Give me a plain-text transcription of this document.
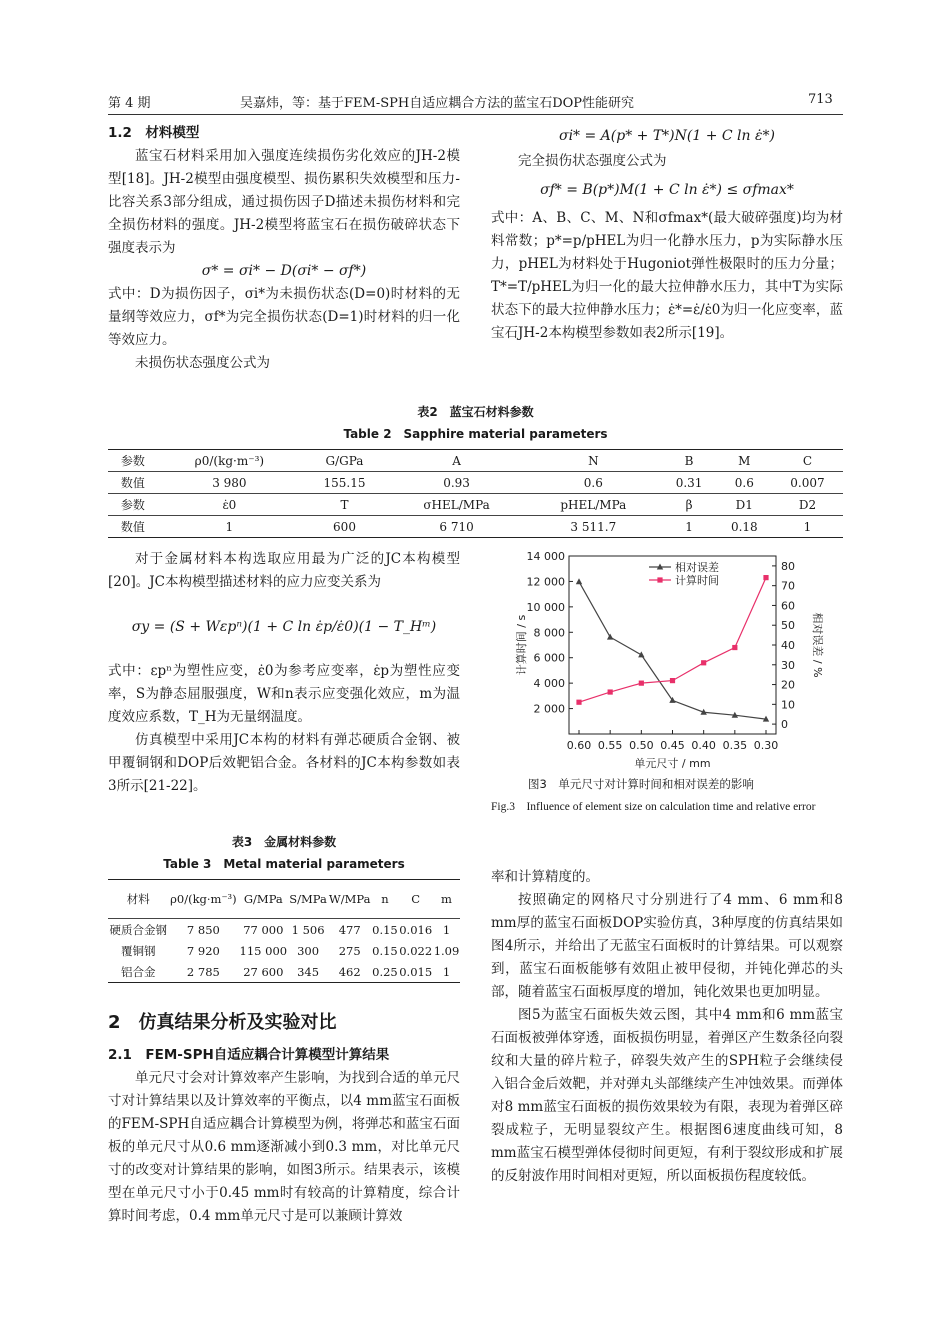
第 4 期	吴嘉炜，等：基于FEM-SPH自适应耦合方法的蓝宝石DOP性能研究	713
1.2　材料模型

蓝宝石材料采用加入强度连续损伤劣化效应的JH-2模型[18]。JH-2模型由强度模型、损伤累积失效模型和压力-比容关系3部分组成，通过损伤因子D描述未损伤材料和完全损伤材料的强度。JH-2模型将蓝宝石在损伤破碎状态下强度表示为

σ* = σi* − D(σi* − σf*)

式中：D为损伤因子，σi*为未损伤状态(D=0)时材料的无量纲等效应力，σf*为完全损伤状态(D=1)时材料的归一化等效应力。

未损伤状态强度公式为

σi* = A(p* + T*)N(1 + C ln ε̇*)

完全损伤状态强度公式为

σf* = B(p*)M(1 + C ln ε̇*) ≤ σfmax*

式中：A、B、C、M、N和σfmax*(最大破碎强度)均为材料常数；p*=p/pHEL为归一化静水压力，p为实际静水压力，pHEL为材料处于Hugoniot弹性极限时的压力分量；T*=T/pHEL为归一化的最大拉伸静水压力，其中T为实际状态下的最大拉伸静水压力；ε̇*=ε̇/ε̇0为归一化应变率，蓝宝石JH-2本构模型参数如表2所示[19]。

表2　蓝宝石材料参数
Table 2　Sapphire material parameters
参数	ρ0/(kg·m⁻³)	G/GPa	A	N	B	M	C
数值	3 980	155.15	0.93	0.6	0.31	0.6	0.007
参数	ε̇0	T	σHEL/MPa	pHEL/MPa	β	D1	D2
数值	1	600	6 710	3 511.7	1	0.18	1

对于金属材料本构选取应用最为广泛的JC本构模型[20]。JC本构模型描述材料的应力应变关系为

σy = (S + Wεpⁿ)(1 + C ln ε̇p/ε̇0)(1 − T_Hᵐ)

式中：εpⁿ为塑性应变，ε̇0为参考应变率，ε̇p为塑性应变率，S为静态屈服强度，W和n表示应变强化效应，m为温度效应系数，T_H为无量纲温度。

仿真模型中采用JC本构的材料有弹芯硬质合金钢、被甲覆铜钢和DOP后效靶铝合金。各材料的JC本构参数如表3所示[21-22]。

表3　金属材料参数
Table 3　Metal material parameters
材料	ρ0/(kg·m⁻³)	G/MPa	S/MPa	W/MPa	n	C	m
硬质合金钢	7 850	77 000	1 506	477	0.15	0.016	1
覆铜钢	7 920	115 000	300	275	0.15	0.022	1.09
铝合金	2 785	27 600	345	462	0.25	0.015	1
2　仿真结果分析及实验对比
2.1　FEM-SPH自适应耦合计算模型计算结果

单元尺寸会对计算效率产生影响，为找到合适的单元尺寸对计算结果以及计算效率的平衡点，以4 mm蓝宝石面板的FEM-SPH自适应耦合计算模型为例，将弹芯和蓝宝石面板的单元尺寸从0.6 mm逐渐减小到0.3 mm，对比单元尺寸的改变对计算结果的影响，如图3所示。结果表示，该模型在单元尺寸小于0.45 mm时有较高的计算精度，综合计算时间考虑，0.4 mm单元尺寸是可以兼顾计算效

2 000
4 000
6 000
8 000
10 000
12 000
14 000
0
10
20
30
40
50
60
70
80
0.60 0.55 0.50 0.45 0.40 0.35 0.30
单元尺寸 / mm
计算时间 / s	相对误差 / %
相对误差
计算时间
图3　单元尺寸对计算时间和相对误差的影响
Fig.3　Influence of element size on calculation time and relative error

率和计算精度的。

按照确定的网格尺寸分别进行了4 mm、6 mm和8 mm厚的蓝宝石面板DOP实验仿真，3种厚度的仿真结果如图4所示，并给出了无蓝宝石面板时的计算结果。可以观察到，蓝宝石面板能够有效阻止被甲侵彻，并钝化弹芯的头部，随着蓝宝石面板厚度的增加，钝化效果也更加明显。

图5为蓝宝石面板失效云图，其中4 mm和6 mm蓝宝石面板被弹体穿透，面板损伤明显，着弹区产生数条径向裂纹和大量的碎片粒子，碎裂失效产生的SPH粒子会继续侵入铝合金后效靶，并对弹丸头部继续产生冲蚀效果。而弹体对8 mm蓝宝石面板的损伤效果较为有限，表现为着弹区碎裂成粒子，无明显裂纹产生。根据图6速度曲线可知，8 mm蓝宝石模型弹体侵彻时间更短，有利于裂纹形成和扩展的反射波作用时间相对更短，所以面板损伤程度较低。
